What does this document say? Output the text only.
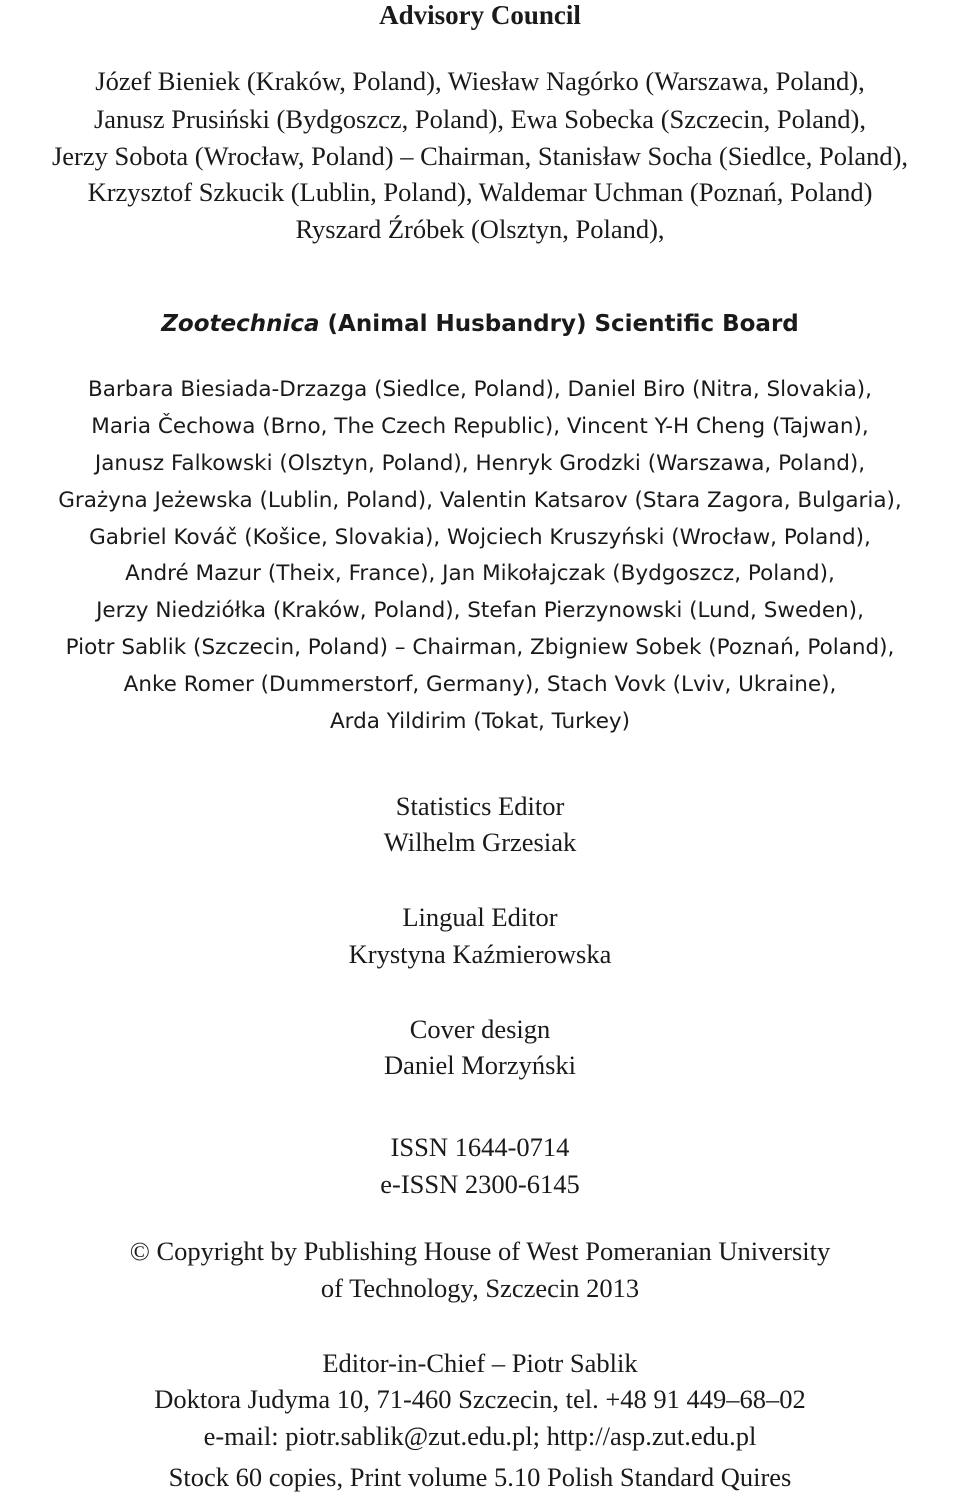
Advisory Council
Józef Bieniek (Kraków, Poland), Wiesław Nagórko (Warszawa, Poland),
Janusz Prusiński (Bydgoszcz, Poland), Ewa Sobecka (Szczecin, Poland),
Jerzy Sobota (Wrocław, Poland) – Chairman, Stanisław Socha (Siedlce, Poland),
Krzysztof Szkucik (Lublin, Poland), Waldemar Uchman (Poznań, Poland)
Ryszard Źróbek (Olsztyn, Poland),
Zootechnica (Animal Husbandry) Scientific Board
Barbara Biesiada-Drzazga (Siedlce, Poland), Daniel Biro (Nitra, Slovakia),
Maria Čechowa (Brno, The Czech Republic), Vincent Y-H Cheng (Tajwan),
Janusz Falkowski (Olsztyn, Poland), Henryk Grodzki (Warszawa, Poland),
Grażyna Jeżewska (Lublin, Poland), Valentin Katsarov (Stara Zagora, Bulgaria),
Gabriel Kováč (Košice, Slovakia), Wojciech Kruszyński (Wrocław, Poland),
André Mazur (Theix, France), Jan Mikołajczak (Bydgoszcz, Poland),
Jerzy Niedziółka (Kraków, Poland), Stefan Pierzynowski (Lund, Sweden),
Piotr Sablik (Szczecin, Poland) – Chairman, Zbigniew Sobek (Poznań, Poland),
Anke Romer (Dummerstorf, Germany), Stach Vovk (Lviv, Ukraine),
Arda Yildirim (Tokat, Turkey)
Statistics Editor
Wilhelm Grzesiak
Lingual Editor
Krystyna Kaźmierowska
Cover design
Daniel Morzyński
ISSN 1644-0714
e-ISSN 2300-6145
© Copyright by Publishing House of West Pomeranian University
of Technology, Szczecin 2013
Editor-in-Chief – Piotr Sablik
Doktora Judyma 10, 71-460 Szczecin, tel. +48 91 449–68–02
e-mail: piotr.sablik@zut.edu.pl; http://asp.zut.edu.pl
Stock 60 copies, Print volume 5.10 Polish Standard Quires
